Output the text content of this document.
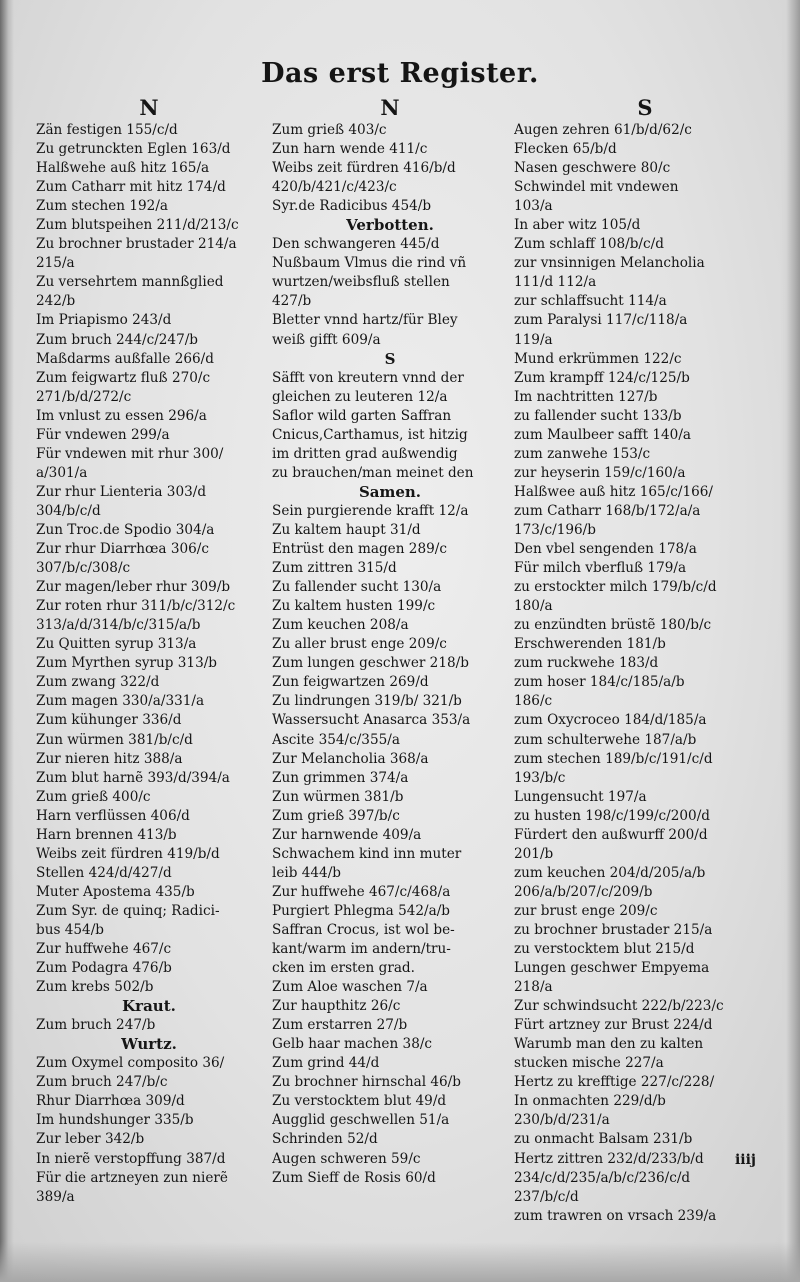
Das erst Register.
N
Zän festigen 155/c/d
Zu getrunckten Eglen 163/d
Halßwehe auß hitz 165/a
Zum Catharr mit hitz 174/d
Zum stechen 192/a
Zum blutspeihen 211/d/213/c
Zu brochner brustader 214/a
215/a
Zu versehrtem mannßglied
242/b
Im Priapismo 243/d
Zum bruch 244/c/247/b
Maßdarms außfalle 266/d
Zum feigwartz fluß 270/c
271/b/d/272/c
Im vnlust zu essen 296/a
Für vndewen 299/a
Für vndewen mit rhur 300/
a/301/a
Zur rhur Lienteria 303/d
304/b/c/d
Zun Troc.de Spodio 304/a
Zur rhur Diarrhœa 306/c
307/b/c/308/c
Zur magen/leber rhur 309/b
Zur roten rhur 311/b/c/312/c
313/a/d/314/b/c/315/a/b
Zu Quitten syrup 313/a
Zum Myrthen syrup 313/b
Zum zwang 322/d
Zum magen 330/a/331/a
Zum kühunger 336/d
Zun würmen 381/b/c/d
Zur nieren hitz 388/a
Zum blut harnẽ 393/d/394/a
Zum grieß 400/c
Harn verflüssen 406/d
Harn brennen 413/b
Weibs zeit fürdren 419/b/d
Stellen 424/d/427/d
Muter Apostema 435/b
Zum Syr. de quinq; Radici-
bus 454/b
Zur huffwehe 467/c
Zum Podagra 476/b
Zum krebs 502/b
Kraut.
Zum bruch 247/b
Wurtz.
Zum Oxymel composito 36/
Zum bruch 247/b/c
Rhur Diarrhœa 309/d
Im hundshunger 335/b
Zur leber 342/b
In nierẽ verstopffung 387/d
Für die artzneyen zun nierẽ
389/a
N
Zum grieß 403/c
Zun harn wende 411/c
Weibs zeit fürdren 416/b/d
420/b/421/c/423/c
Syr.de Radicibus 454/b
Verbotten.
Den schwangeren 445/d
Nußbaum Vlmus die rind vñ
wurtzen/weibsfluß stellen
427/b
Bletter vnnd hartz/für Bley
weiß gifft 609/a
S
Säfft von kreutern vnnd der
gleichen zu leuteren 12/a
Saflor wild garten Saffran
Cnicus,Carthamus, ist hitzig
im dritten grad außwendig
zu brauchen/man meinet den
Samen.
Sein purgierende krafft 12/a
Zu kaltem haupt 31/d
Entrüst den magen 289/c
Zum zittren 315/d
Zu fallender sucht 130/a
Zu kaltem husten 199/c
Zum keuchen 208/a
Zu aller brust enge 209/c
Zum lungen geschwer 218/b
Zun feigwartzen 269/d
Zu lindrungen 319/b/ 321/b
Wassersucht Anasarca 353/a
Ascite 354/c/355/a
Zur Melancholia 368/a
Zun grimmen 374/a
Zun würmen 381/b
Zum grieß 397/b/c
Zur harnwende 409/a
Schwachem kind inn muter
leib 444/b
Zur huffwehe 467/c/468/a
Purgiert Phlegma 542/a/b
Saffran Crocus, ist wol be-
kant/warm im andern/tru-
cken im ersten grad.
Zum Aloe waschen 7/a
Zur haupthitz 26/c
Zum erstarren 27/b
Gelb haar machen 38/c
Zum grind 44/d
Zu brochner hirnschal 46/b
Zu verstocktem blut 49/d
Augglid geschwellen 51/a
Schrinden 52/d
Augen schweren 59/c
Zum Sieff de Rosis 60/d
S
Augen zehren 61/b/d/62/c
Flecken 65/b/d
Nasen geschwere 80/c
Schwindel mit vndewen
103/a
In aber witz 105/d
Zum schlaff 108/b/c/d
zur vnsinnigen Melancholia
111/d 112/a
zur schlaffsucht 114/a
zum Paralysi 117/c/118/a
119/a
Mund erkrümmen 122/c
Zum krampff 124/c/125/b
Im nachtritten 127/b
zu fallender sucht 133/b
zum Maulbeer safft 140/a
zum zanwehe 153/c
zur heyserin 159/c/160/a
Halßwee auß hitz 165/c/166/
zum Catharr 168/b/172/a/a
173/c/196/b
Den vbel sengenden 178/a
Für milch vberfluß 179/a
zu erstockter milch 179/b/c/d
180/a
zu enzündten brüstẽ 180/b/c
Erschwerenden 181/b
zum ruckwehe 183/d
zum hoser 184/c/185/a/b
186/c
zum Oxycroceo 184/d/185/a
zum schulterwehe 187/a/b
zum stechen 189/b/c/191/c/d
193/b/c
Lungensucht 197/a
zu husten 198/c/199/c/200/d
Fürdert den außwurff 200/d
201/b
zum keuchen 204/d/205/a/b
206/a/b/207/c/209/b
zur brust enge 209/c
zu brochner brustader 215/a
zu verstocktem blut 215/d
Lungen geschwer Empyema
218/a
Zur schwindsucht 222/b/223/c
Fürt artzney zur Brust 224/d
Warumb man den zu kalten
stucken mische 227/a
Hertz zu krefftige 227/c/228/
In onmachten 229/d/b
230/b/d/231/a
zu onmacht Balsam 231/b
Hertz zittren 232/d/233/b/d
234/c/d/235/a/b/c/236/c/d
237/b/c/d
zum trawren on vrsach 239/a
iiij
